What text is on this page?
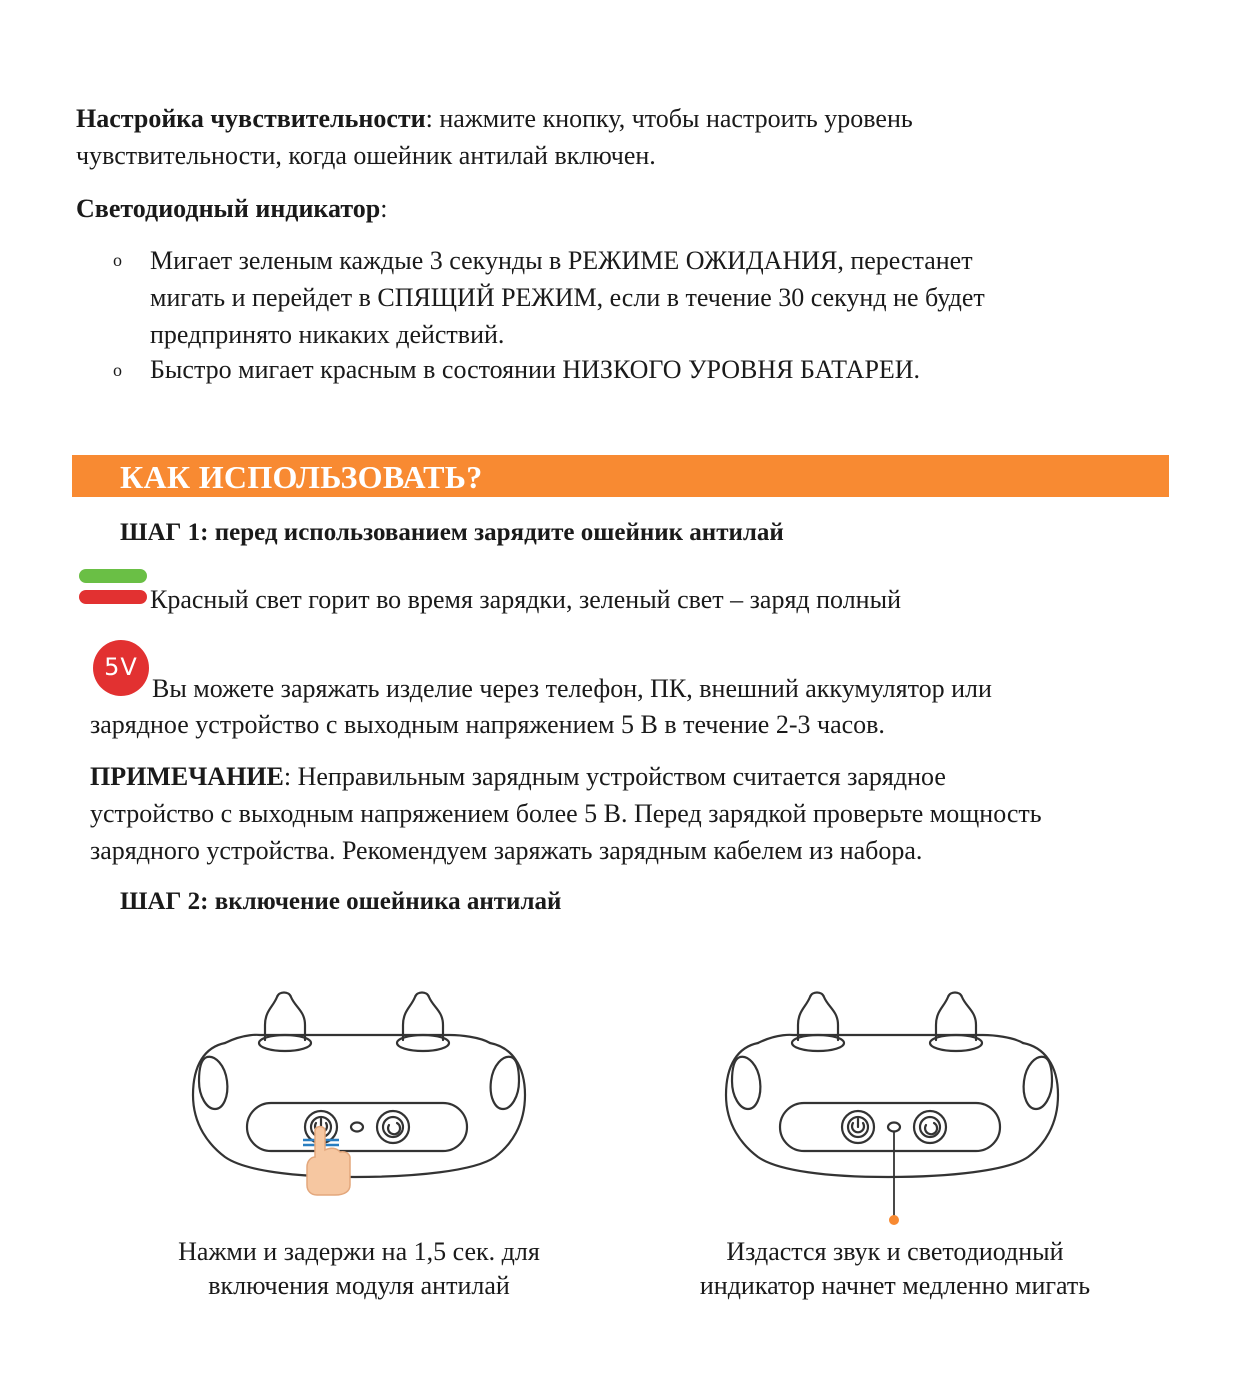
Настройка чувствительности: нажмите кнопку, чтобы настроить уровень
чувствительности, когда ошейник антилай включен.
Светодиодный индикатор:
o Мигает зеленым каждые 3 секунды в РЕЖИМЕ ОЖИДАНИЯ, перестанет
мигать и перейдет в СПЯЩИЙ РЕЖИМ, если в течение 30 секунд не будет
предпринято никаких действий.
o Быстро мигает красным в состоянии НИЗКОГО УРОВНЯ БАТАРЕИ.
КАК ИСПОЛЬЗОВАТЬ?
ШАГ 1: перед использованием зарядите ошейник антилай
Красный свет горит во время зарядки, зеленый свет – заряд полный
5V
Вы можете заряжать изделие через телефон, ПК, внешний аккумулятор или
зарядное устройство с выходным напряжением 5 В в течение 2-3 часов.
ПРИМЕЧАНИЕ: Неправильным зарядным устройством считается зарядное
устройство с выходным напряжением более 5 В. Перед зарядкой проверьте мощность
зарядного устройства. Рекомендуем заряжать зарядным кабелем из набора.
ШАГ 2: включение ошейника антилай
Нажми и задержи на 1,5 сек. для
включения модуля антилай
Издастся звук и светодиодный
индикатор начнет медленно мигать
